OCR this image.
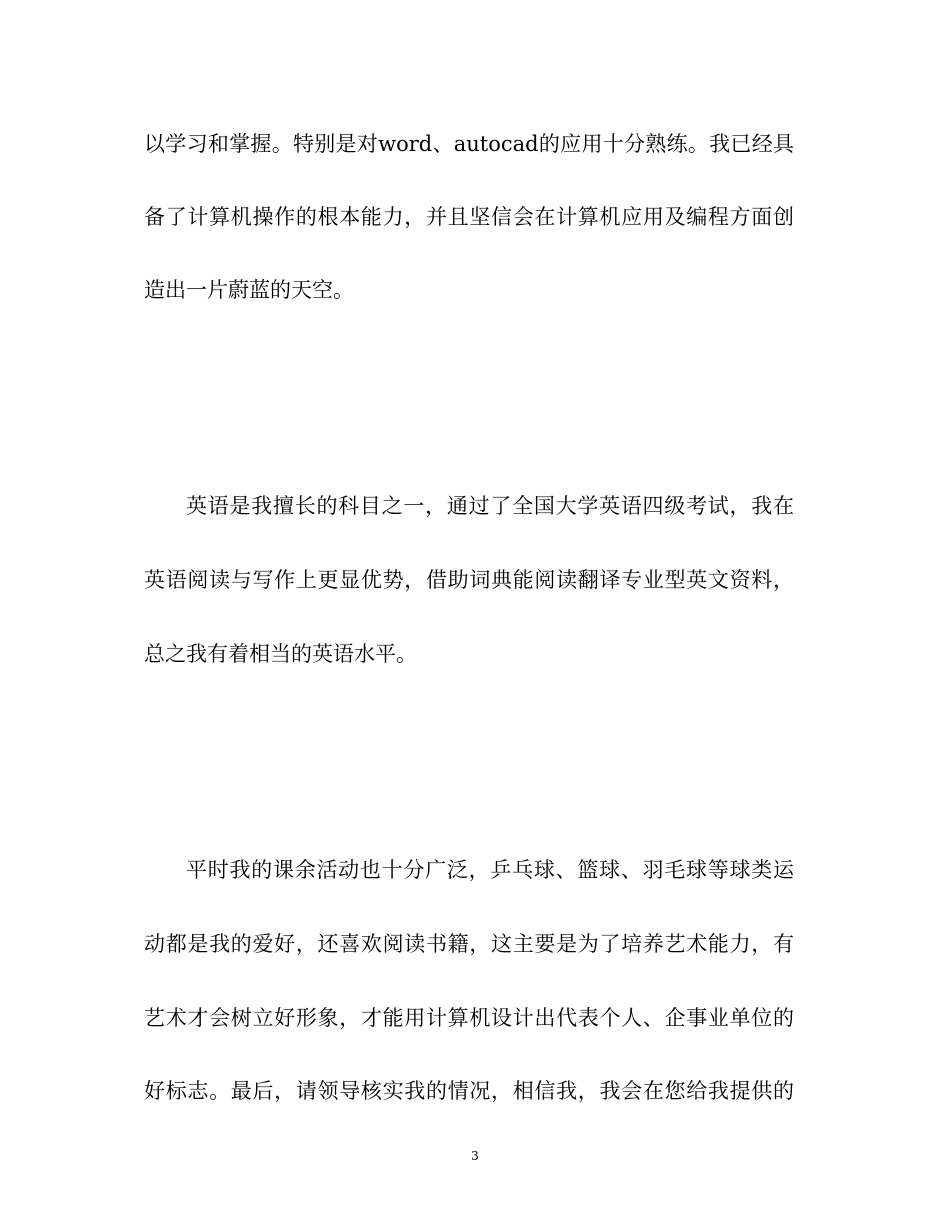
以学习和掌握。特别是对word、autocad的应用十分熟练。我已经具
备了计算机操作的根本能力，并且坚信会在计算机应用及编程方面创
造出一片蔚蓝的天空。
英语是我擅长的科目之一，通过了全国大学英语四级考试，我在
英语阅读与写作上更显优势，借助词典能阅读翻译专业型英文资料，
总之我有着相当的英语水平。
平时我的课余活动也十分广泛，乒乓球、篮球、羽毛球等球类运
动都是我的爱好，还喜欢阅读书籍，这主要是为了培养艺术能力，有
艺术才会树立好形象，才能用计算机设计出代表个人、企事业单位的
好标志。最后，请领导核实我的情况，相信我，我会在您给我提供的
3
